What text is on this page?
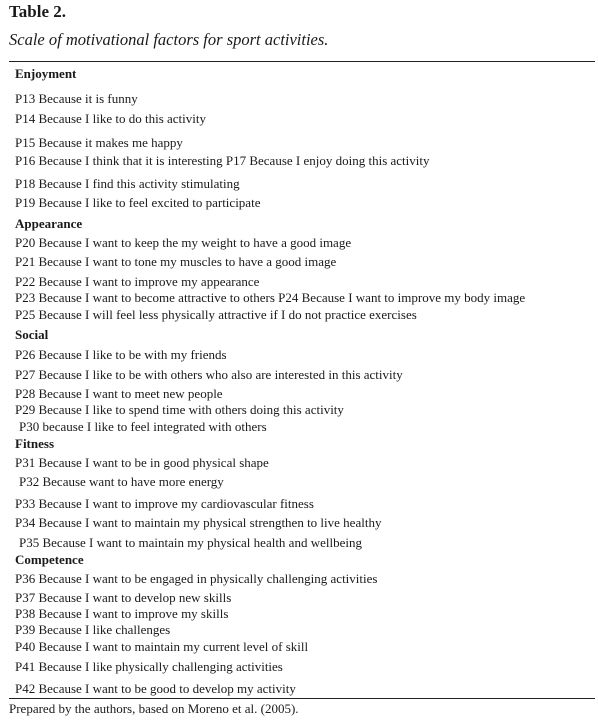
Table 2.
Scale of motivational factors for sport activities.
Enjoyment
P13 Because it is funny
P14 Because I like to do this activity
P15 Because it makes me happy
P16 Because I think that it is interesting P17 Because I enjoy doing this activity
P18 Because I find this activity stimulating
P19 Because I like to feel excited to participate
Appearance
P20 Because I want to keep the my weight to have a good image
P21 Because I want to tone my muscles to have a good image
P22 Because I want to improve my appearance
P23 Because I want to become attractive to others P24 Because I want to improve my body image
P25 Because I will feel less physically attractive if I do not practice exercises
Social
P26 Because I like to be with my friends
P27 Because I like to be with others who also are interested in this activity
P28 Because I want to meet new people
P29 Because I like to spend time with others doing this activity
P30 because I like to feel integrated with others
Fitness
P31 Because I want to be in good physical shape
P32 Because want to have more energy
P33 Because I want to improve my cardiovascular fitness
P34 Because I want to maintain my physical strengthen to live healthy
P35 Because I want to maintain my physical health and wellbeing
Competence
P36 Because I want to be engaged in physically challenging activities
P37 Because I want to develop new skills
P38 Because I want to improve my skills
P39 Because I like challenges
P40 Because I want to maintain my current level of skill
P41 Because I like physically challenging activities
P42 Because I want to be good to develop my activity
Prepared by the authors, based on Moreno et al. (2005).
